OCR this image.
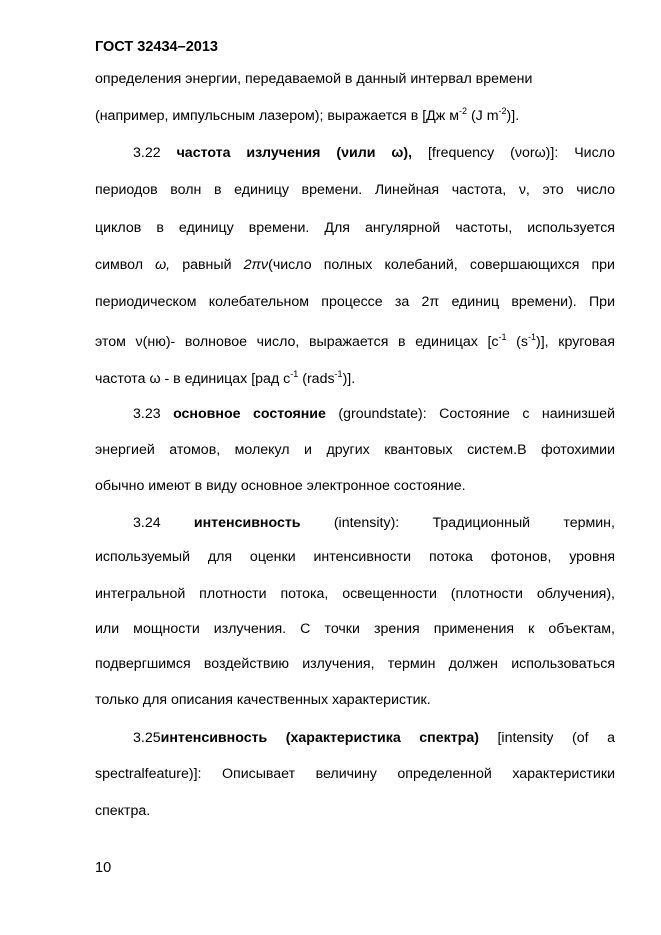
ГОСТ 32434–2013
определения энергии, передаваемой в данный интервал времени
(например, импульсным лазером); выражается в [Дж $м^{-2}$ (J $m^{-2}$)].
3.22 частота излучения (νили ω), [frequency (νorω)]: Число
периодов волн в единицу времени. Линейная частота, ν, это число
циклов в единицу времени. Для ангулярной частоты, используется
символ ω, равный 2πν(число полных колебаний, совершающихся при
периодическом колебательном процессе за 2π единиц времени). При
этом ν(ню)- волновое число, выражается в единицах [$c^{-1}$ $(s^{-1})$], круговая
частота ω - в единицах [рад $с^{-1}$ (rads$^{-1}$)].
3.23 основное состояние (groundstate): Состояние с наинизшей
энергией атомов, молекул и других квантовых систем.В фотохимии
обычно имеют в виду основное электронное состояние.
3.24 интенсивность (intensity): Традиционный термин,
используемый для оценки интенсивности потока фотонов, уровня
интегральной плотности потока, освещенности (плотности облучения),
или мощности излучения. С точки зрения применения к объектам,
подвергшимся воздействию излучения, термин должен использоваться
только для описания качественных характеристик.
3.25интенсивность (характеристика спектра) [intensity (of a
spectralfeature)]: Описывает величину определенной характеристики
спектра.
10
